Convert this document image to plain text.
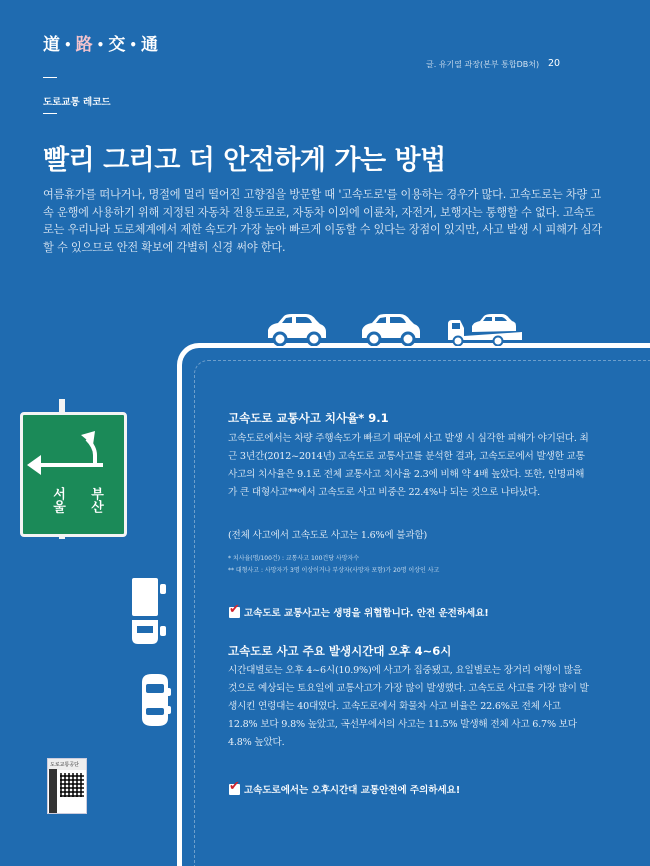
道 • 路 • 交 • 通
글. 유기열 과장(본부 통합DB처) 20
도로교통 레코드
빨리 그리고 더 안전하게 가는 방법
여름휴가를 떠나거나, 명절에 멀리 떨어진 고향집을 방문할 때 '고속도로'를 이용하는 경우가 많다. 고속도로는 차량 고속 운행에 사용하기 위해 지정된 자동차 전용도로로, 자동차 이외에 이륜차, 자전거, 보행자는 통행할 수 없다. 고속도로는 우리나라 도로체계에서 제한 속도가 가장 높아 빠르게 이동할 수 있다는 장점이 있지만, 사고 발생 시 피해가 심각할 수 있으므로 안전 확보에 각별히 신경 써야 한다.
서울 부산
고속도로 교통사고 치사율* 9.1
고속도로에서는 차량 주행속도가 빠르기 때문에 사고 발생 시 심각한 피해가 야기된다. 최근 3년간(2012~2014년) 고속도로 교통사고를 분석한 결과, 고속도로에서 발생한 교통사고의 치사율은 9.1로 전체 교통사고 치사율 2.3에 비해 약 4배 높았다. 또한, 인명피해가 큰 대형사고**에서 고속도로 사고 비중은 22.4%나 되는 것으로 나타났다.
(전체 사고에서 고속도로 사고는 1.6%에 불과함)
* 치사율(명/100건) : 교통사고 100건당 사망자수
** 대형사고 : 사망자가 3명 이상이거나 부상자(사망자 포함)가 20명 이상인 사고
✔
고속도로 교통사고는 생명을 위협합니다. 안전 운전하세요!
고속도로 사고 주요 발생시간대 오후 4~6시
시간대별로는 오후 4~6시(10.9%)에 사고가 집중됐고, 요일별로는 장거리 여행이 많을 것으로 예상되는 토요일에 교통사고가 가장 많이 발생했다. 고속도로 사고를 가장 많이 발생시킨 연령대는 40대였다. 고속도로에서 화물차 사고 비율은 22.6%로 전체 사고 12.8% 보다 9.8% 높았고, 곡선부에서의 사고는 11.5% 발생해 전체 사고 6.7% 보다 4.8% 높았다.
✔
고속도로에서는 오후시간대 교통안전에 주의하세요!
도로교통공단
